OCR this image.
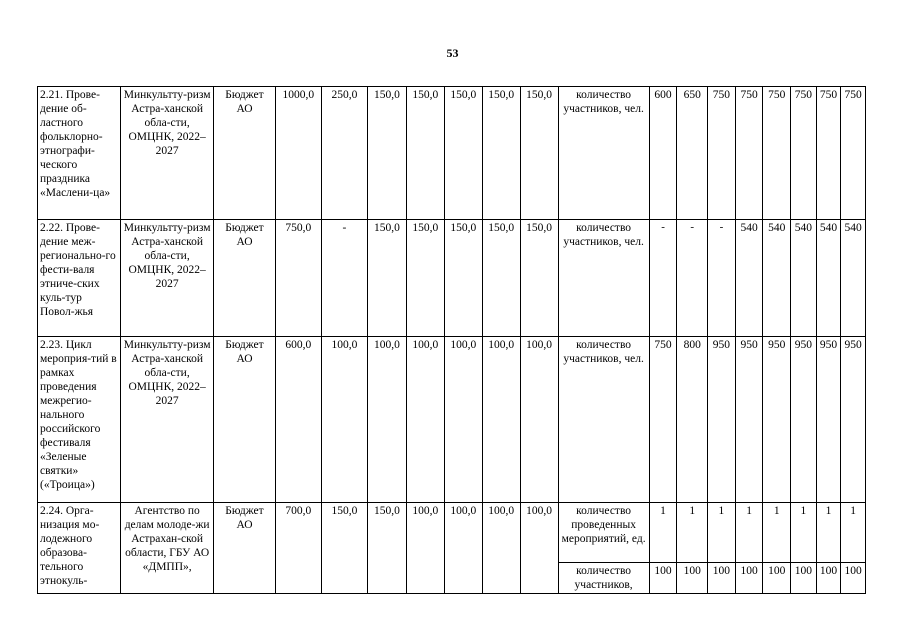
53
2.21. Прове-дение об-ластного фольклорно-этнографи-ческого праздника «Маслени-ца»	Минкультту-ризм Астра-ханской обла-сти, ОМЦНК, 2022– 2027	Бюджет АО	1000,0	250,0	150,0	150,0	150,0	150,0	150,0	количество участников, чел.	600	650	750	750	750	750	750	750
2.22. Прове-дение меж-регионально-го фести-валя этниче-ских куль-тур Повол-жья	Минкультту-ризм Астра-ханской обла-сти, ОМЦНК, 2022– 2027	Бюджет АО	750,0	-	150,0	150,0	150,0	150,0	150,0	количество участников, чел.	-	-	-	540	540	540	540	540
2.23. Цикл мероприя-тий в рамках проведения межрегио-нального российского фестиваля «Зеленые святки» («Троица»)	Минкультту-ризм Астра-ханской обла-сти, ОМЦНК, 2022– 2027	Бюджет АО	600,0	100,0	100,0	100,0	100,0	100,0	100,0	количество участников, чел.	750	800	950	950	950	950	950	950
2.24. Орга-низация мо-лодежного образова-тельного этнокуль-	Агентство по делам молоде-жи Астрахан-ской области, ГБУ АО «ДМПП»,	Бюджет АО	700,0	150,0	150,0	100,0	100,0	100,0	100,0	количество проведенных мероприятий, ед.	1	1	1	1	1	1	1	1
										количество участников,	100	100	100	100	100	100	100	100
